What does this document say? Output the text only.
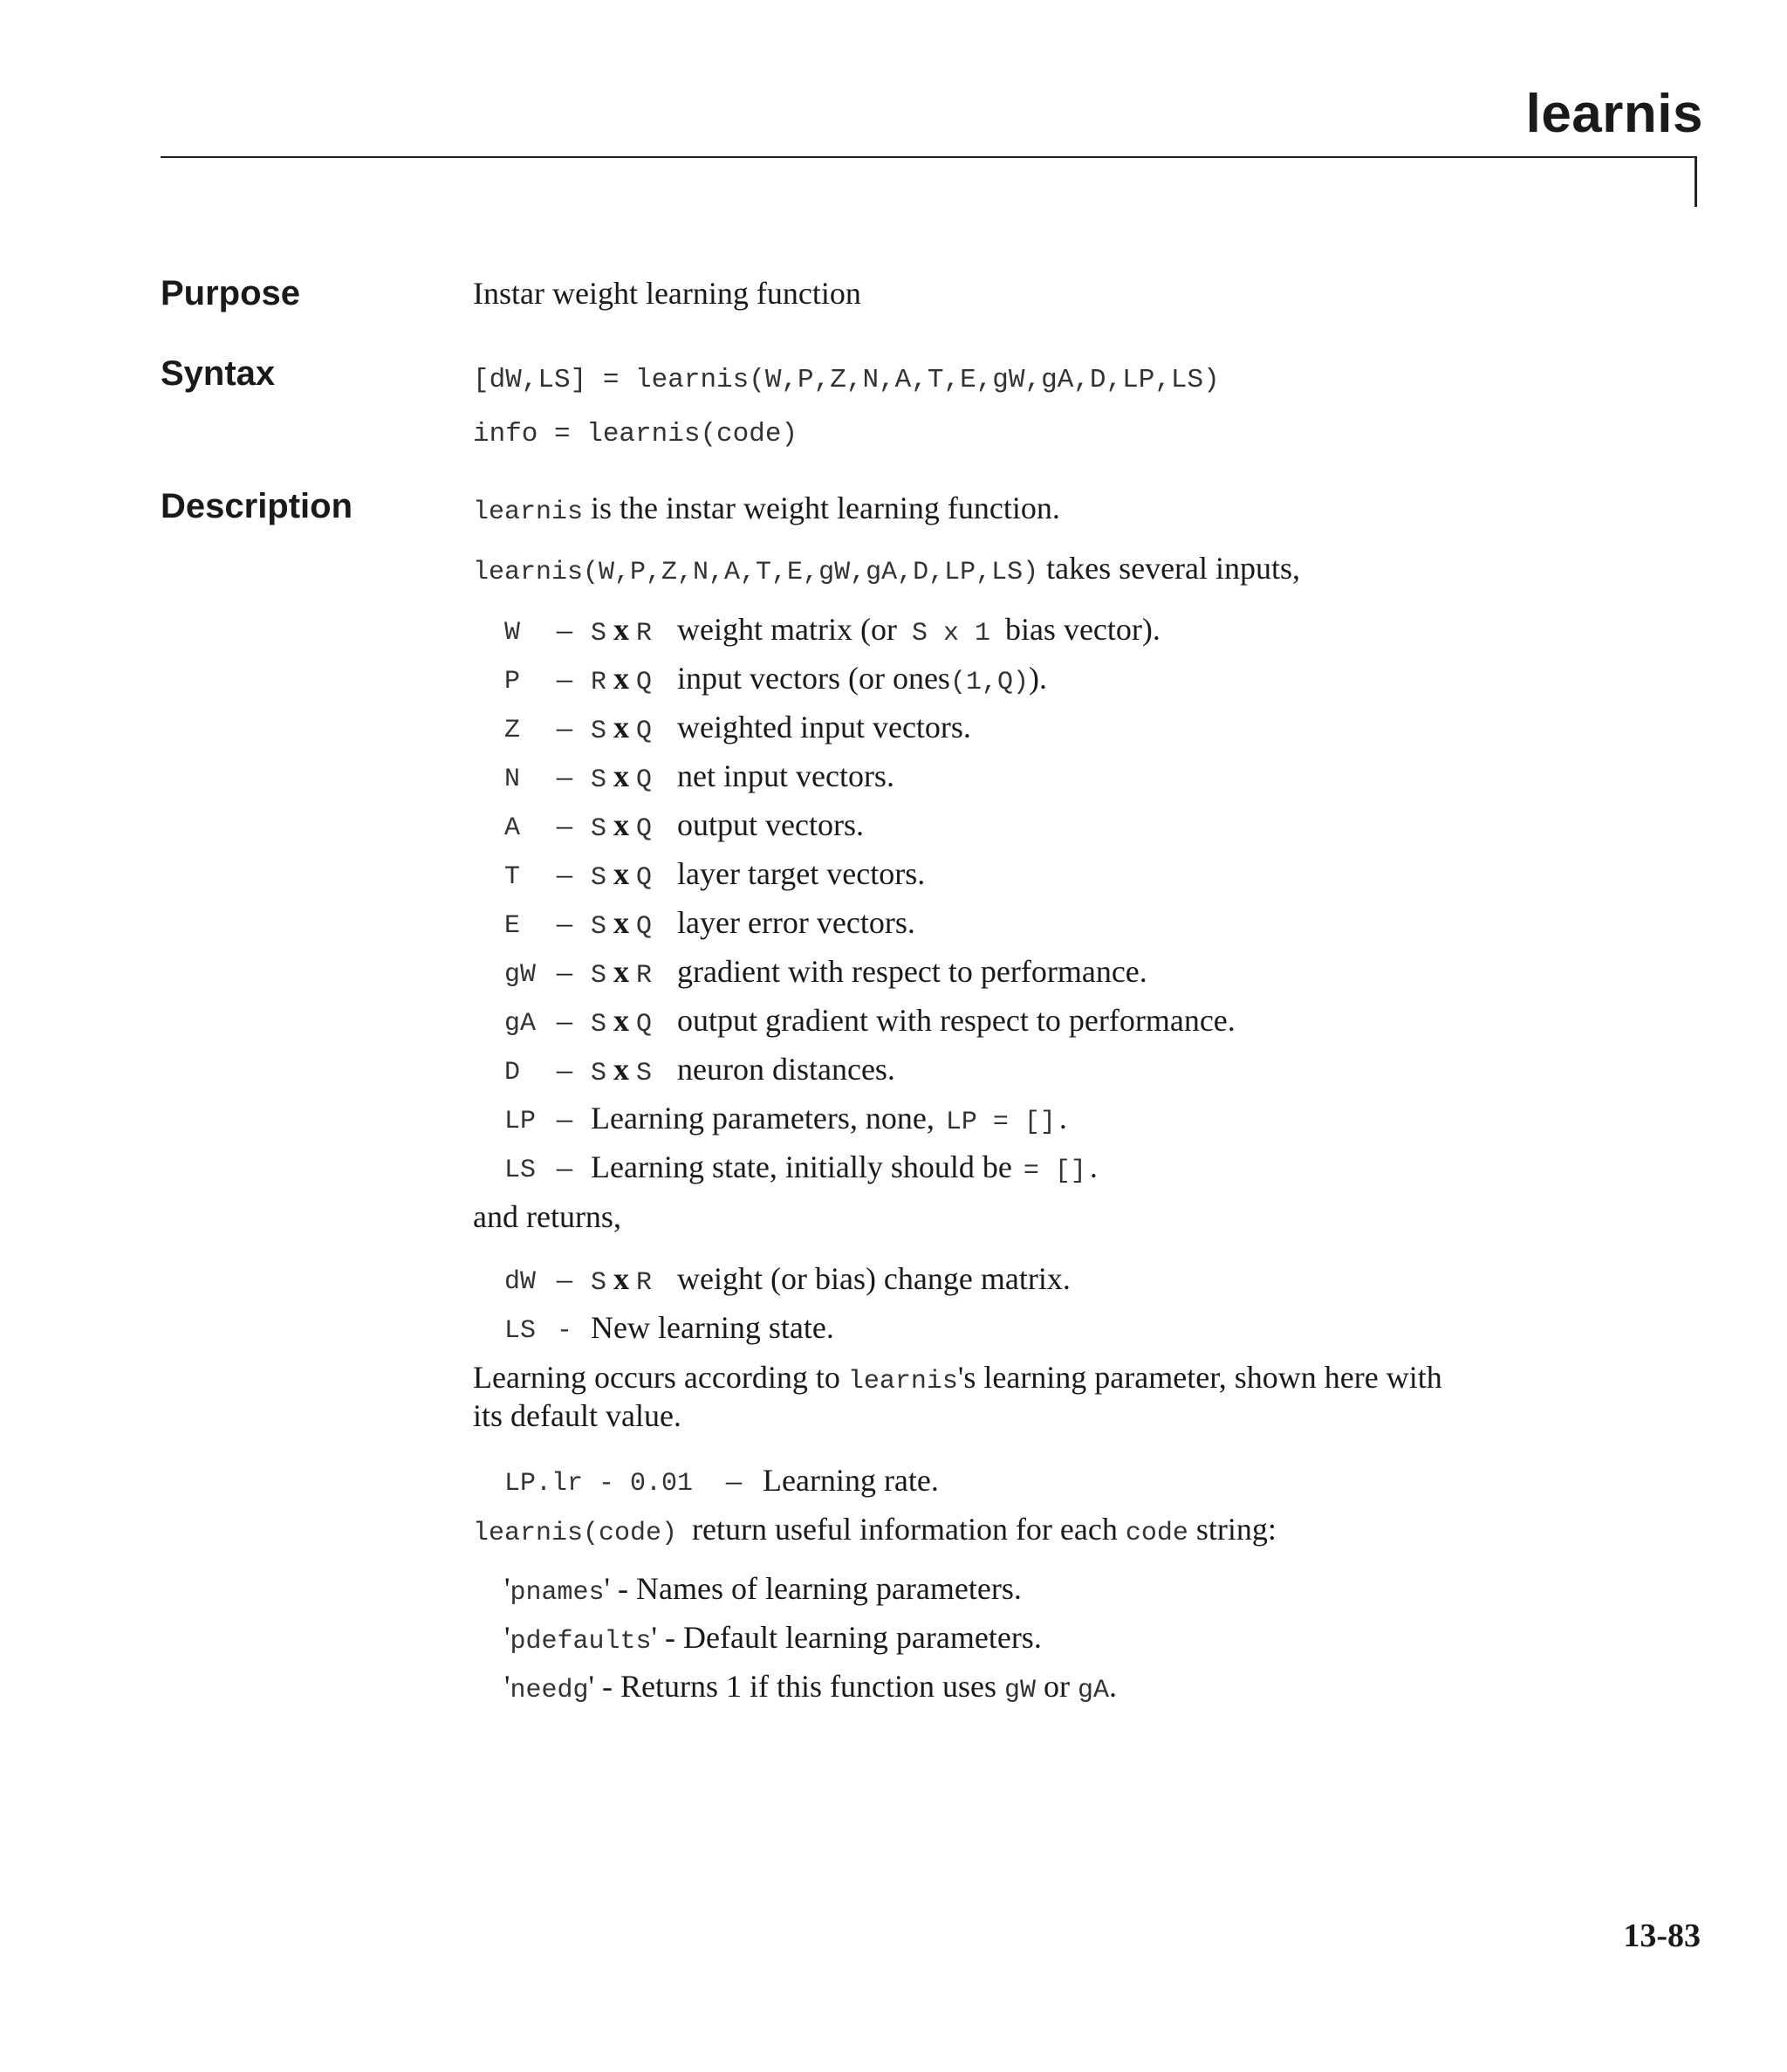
learnis
Purpose	Instar weight learning function
Syntax	[dW,LS] = learnis(W,P,Z,N,A,T,E,gW,gA,D,LP,LS)
info = learnis(code)
Description	learnis is the instar weight learning function.
learnis(W,P,Z,N,A,T,E,gW,gA,D,LP,LS) takes several inputs,
W – S x R weight matrix (or S x 1 bias vector).
P – R x Q input vectors (or ones(1,Q)).
Z – S x Q weighted input vectors.
N – S x Q net input vectors.
A – S x Q output vectors.
T – S x Q layer target vectors.
E – S x Q layer error vectors.
gW – S x R gradient with respect to performance.
gA – S x Q output gradient with respect to performance.
D – S x S neuron distances.
LP – Learning parameters, none, LP = [] .
LS – Learning state, initially should be = [] .
and returns,
dW – S x R weight (or bias) change matrix.
LS - New learning state.
Learning occurs according to learnis's learning parameter, shown here with
its default value.
LP.lr - 0.01 – Learning rate.
learnis(code) return useful information for each code string:
'pnames' - Names of learning parameters.
'pdefaults' - Default learning parameters.
'needg' - Returns 1 if this function uses gW or gA.
13-83
